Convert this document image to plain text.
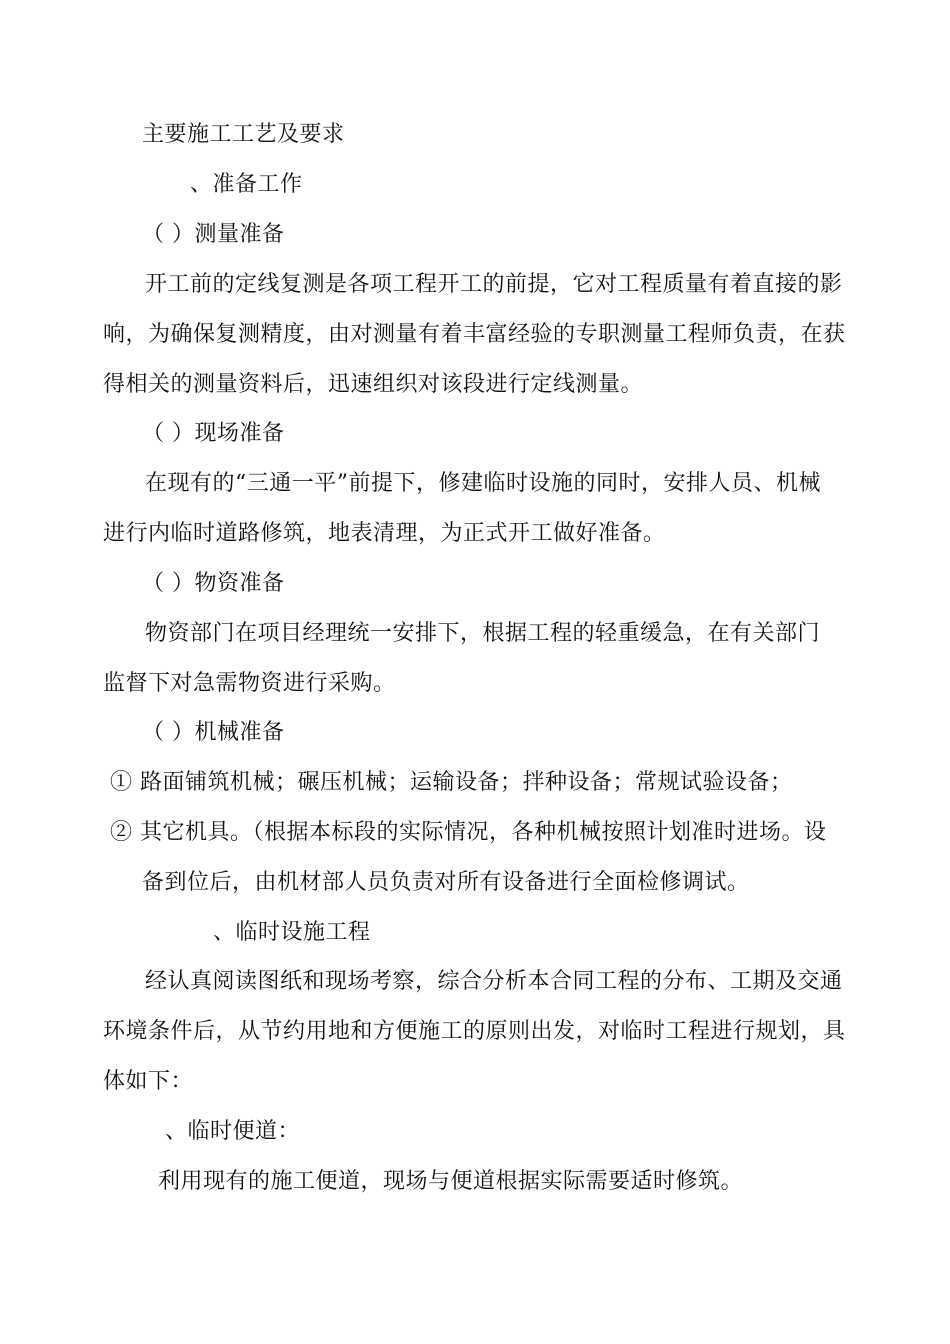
主要施工工艺及要求

、准备工作

（ ）测量准备

开工前的定线复测是各项工程开工的前提，它对工程质量有着直接的影

响，为确保复测精度，由对测量有着丰富经验的专职测量工程师负责，在获

得相关的测量资料后，迅速组织对该段进行定线测量。

（ ）现场准备

在现有的“三通一平”前提下，修建临时设施的同时，安排人员、机械

进行内临时道路修筑，地表清理，为正式开工做好准备。

（ ）物资准备

物资部门在项目经理统一安排下，根据工程的轻重缓急，在有关部门

监督下对急需物资进行采购。

（ ）机械准备

① 路面铺筑机械；碾压机械；运输设备；拌种设备；常规试验设备；

② 其它机具。（根据本标段的实际情况，各种机械按照计划准时进场。设

备到位后，由机材部人员负责对所有设备进行全面检修调试。

、临时设施工程

经认真阅读图纸和现场考察，综合分析本合同工程的分布、工期及交通

环境条件后，从节约用地和方便施工的原则出发，对临时工程进行规划，具

体如下：

、临时便道：

利用现有的施工便道，现场与便道根据实际需要适时修筑。
